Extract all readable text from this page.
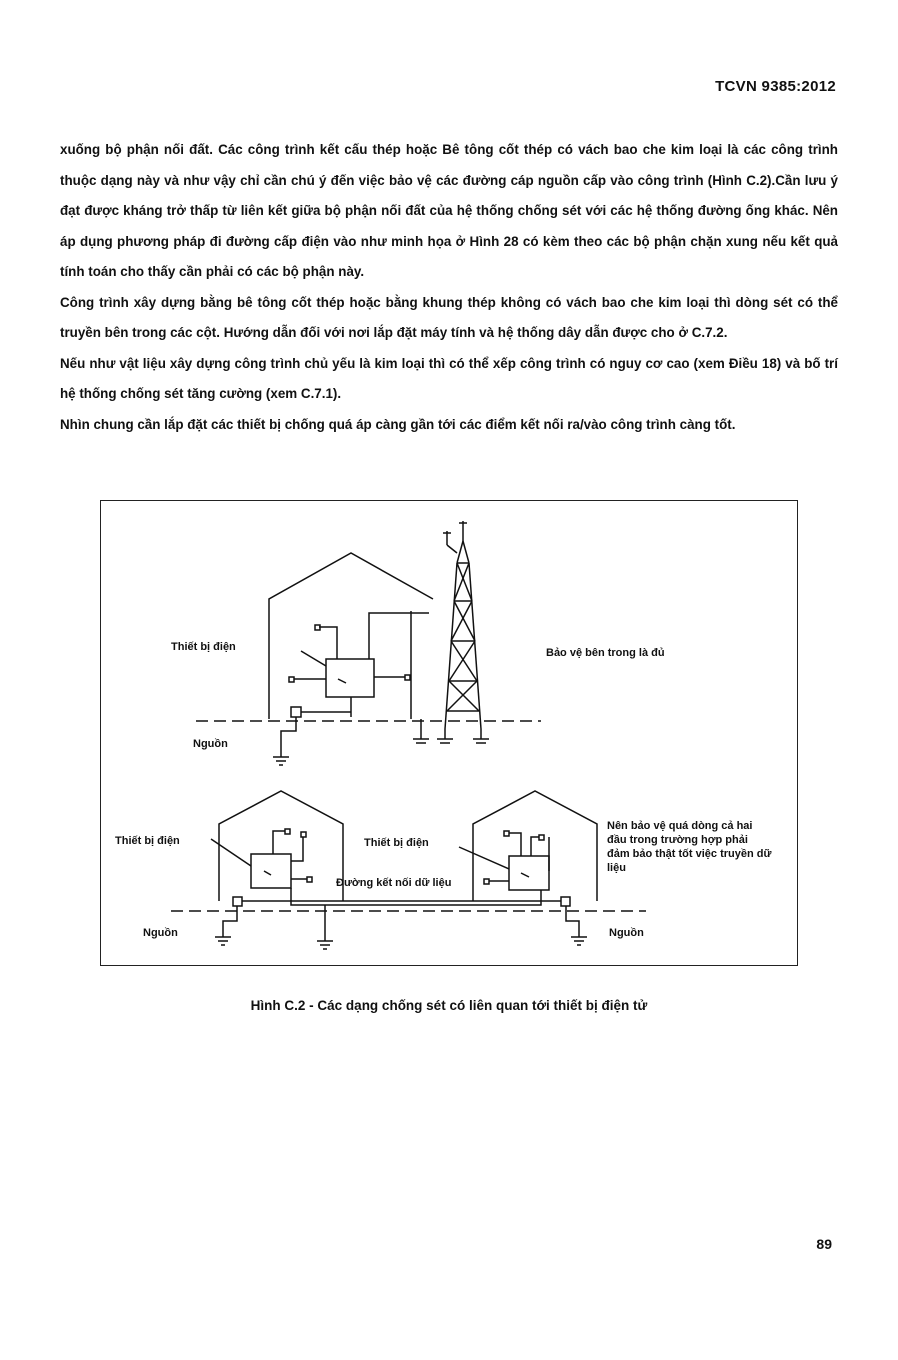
TCVN 9385:2012

xuống bộ phận nối đất. Các công trình kết cấu thép hoặc Bê tông cốt thép có vách bao che kim loại là các công trình thuộc dạng này và như vậy chỉ cần chú ý đến việc bảo vệ các đường cáp nguồn cấp vào công trình (Hình C.2).Cần lưu ý đạt được kháng trở thấp từ liên kết giữa bộ phận nối đất của hệ thống chống sét với các hệ thống đường ống khác. Nên áp dụng phương pháp đi đường cấp điện vào như minh họa ở Hình 28 có kèm theo các bộ phận chặn xung nếu kết quả tính toán cho thấy cần phải có các bộ phận này.

Công trình xây dựng bằng bê tông cốt thép hoặc bằng khung thép không có vách bao che kim loại thì dòng sét có thể truyền bên trong các cột. Hướng dẫn đối với nơi lắp đặt máy tính và hệ thống dây dẫn được cho ở C.7.2.

Nếu như vật liệu xây dựng công trình chủ yếu là kim loại thì có thể xếp công trình có nguy cơ cao (xem Điều 18) và bố trí hệ thống chống sét tăng cường (xem C.7.1).

Nhìn chung cần lắp đặt các thiết bị chống quá áp càng gần tới các điểm kết nối ra/vào công trình càng tốt.

Thiết bị điện
Nguồn
Bảo vệ bên trong là đủ
Thiết bị điện	Thiết bị điện
Đường kết nối dữ liệu
Nguồn	Nguồn
Nên bảo vệ quá dòng cả hai đầu trong trường hợp phải đảm bảo thật tốt việc truyền dữ liệu
Hình C.2 - Các dạng chống sét có liên quan tới thiết bị điện tử
89
